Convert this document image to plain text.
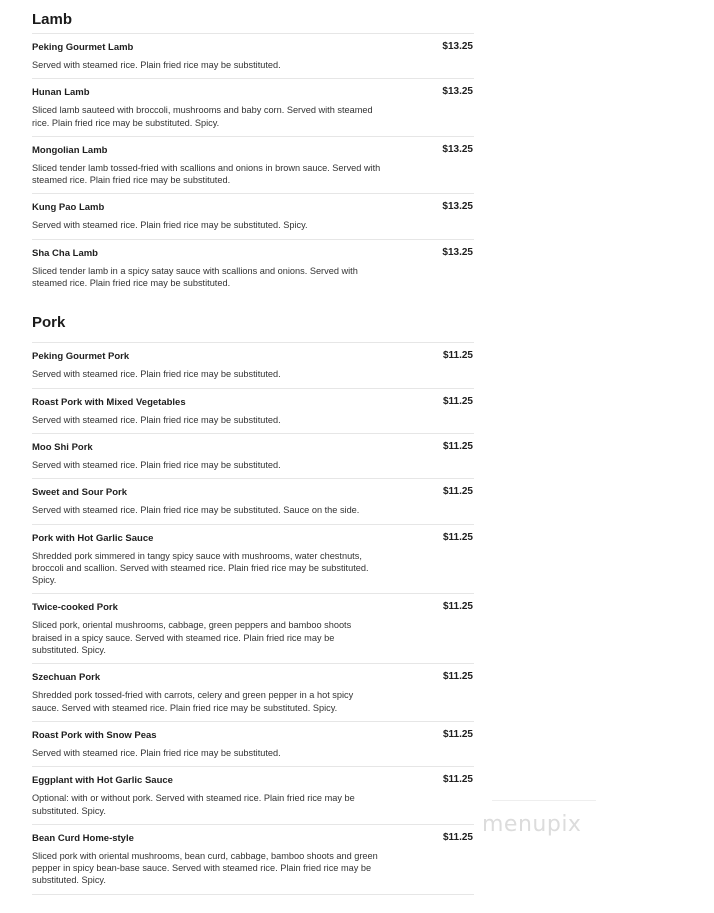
Lamb
Peking Gourmet Lamb	$13.25
Served with steamed rice. Plain fried rice may be substituted.
Hunan Lamb	$13.25
Sliced lamb sauteed with broccoli, mushrooms and baby corn. Served with steamed rice. Plain fried rice may be substituted. Spicy.
Mongolian Lamb	$13.25
Sliced tender lamb tossed-fried with scallions and onions in brown sauce. Served with steamed rice. Plain fried rice may be substituted.
Kung Pao Lamb	$13.25
Served with steamed rice. Plain fried rice may be substituted. Spicy.
Sha Cha Lamb	$13.25
Sliced tender lamb in a spicy satay sauce with scallions and onions. Served with steamed rice. Plain fried rice may be substituted.
Pork
Peking Gourmet Pork	$11.25
Served with steamed rice. Plain fried rice may be substituted.
Roast Pork with Mixed Vegetables	$11.25
Served with steamed rice. Plain fried rice may be substituted.
Moo Shi Pork	$11.25
Served with steamed rice. Plain fried rice may be substituted.
Sweet and Sour Pork	$11.25
Served with steamed rice. Plain fried rice may be substituted. Sauce on the side.
Pork with Hot Garlic Sauce	$11.25
Shredded pork simmered in tangy spicy sauce with mushrooms, water chestnuts, broccoli and scallion. Served with steamed rice. Plain fried rice may be substituted. Spicy.
Twice-cooked Pork	$11.25
Sliced pork, oriental mushrooms, cabbage, green peppers and bamboo shoots braised in a spicy sauce. Served with steamed rice. Plain fried rice may be substituted. Spicy.
Szechuan Pork	$11.25
Shredded pork tossed-fried with carrots, celery and green pepper in a hot spicy sauce. Served with steamed rice. Plain fried rice may be substituted. Spicy.
Roast Pork with Snow Peas	$11.25
Served with steamed rice. Plain fried rice may be substituted.
Eggplant with Hot Garlic Sauce	$11.25
Optional: with or without pork. Served with steamed rice. Plain fried rice may be substituted. Spicy.
Bean Curd Home-style	$11.25
Sliced pork with oriental mushrooms, bean curd, cabbage, bamboo shoots and green pepper in spicy bean-base sauce. Served with steamed rice. Plain fried rice may be substituted. Spicy.
menupix
